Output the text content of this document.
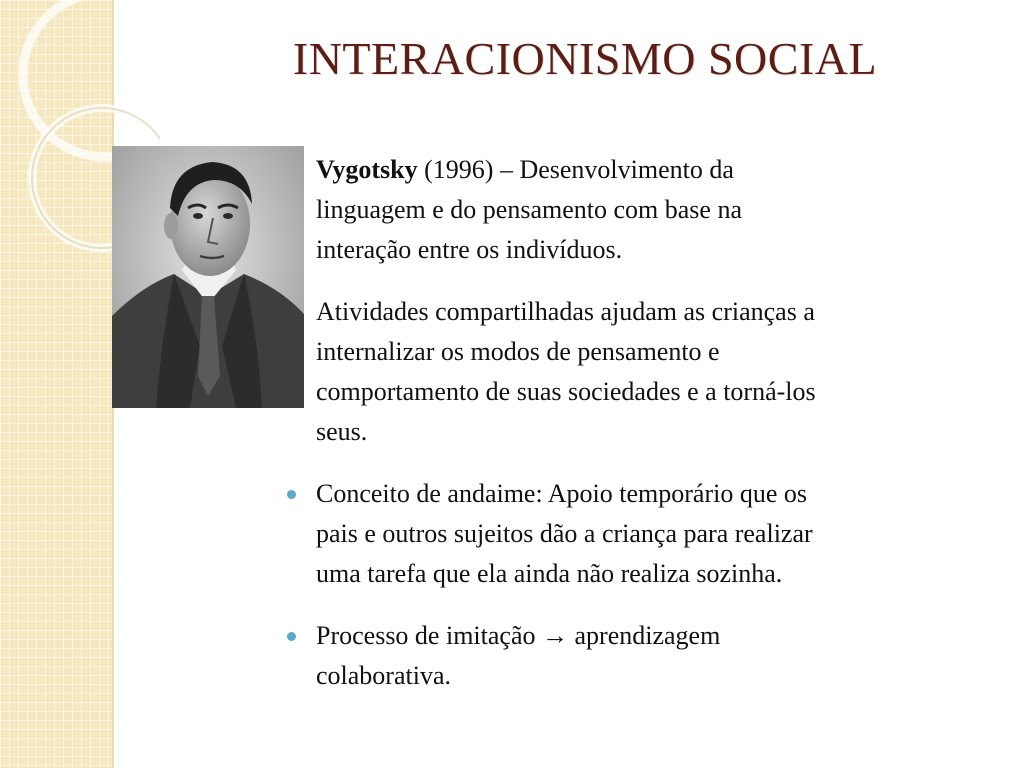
INTERACIONISMO SOCIAL

Vygotsky (1996) – Desenvolvimento da
linguagem e do pensamento com base na
interação entre os indivíduos.

Atividades compartilhadas ajudam as crianças a
internalizar os modos de pensamento e
comportamento de suas sociedades e a torná-los
seus.

Conceito de andaime: Apoio temporário que os
pais e outros sujeitos dão a criança para realizar
uma tarefa que ela ainda não realiza sozinha.
Processo de imitação → aprendizagem
colaborativa.
